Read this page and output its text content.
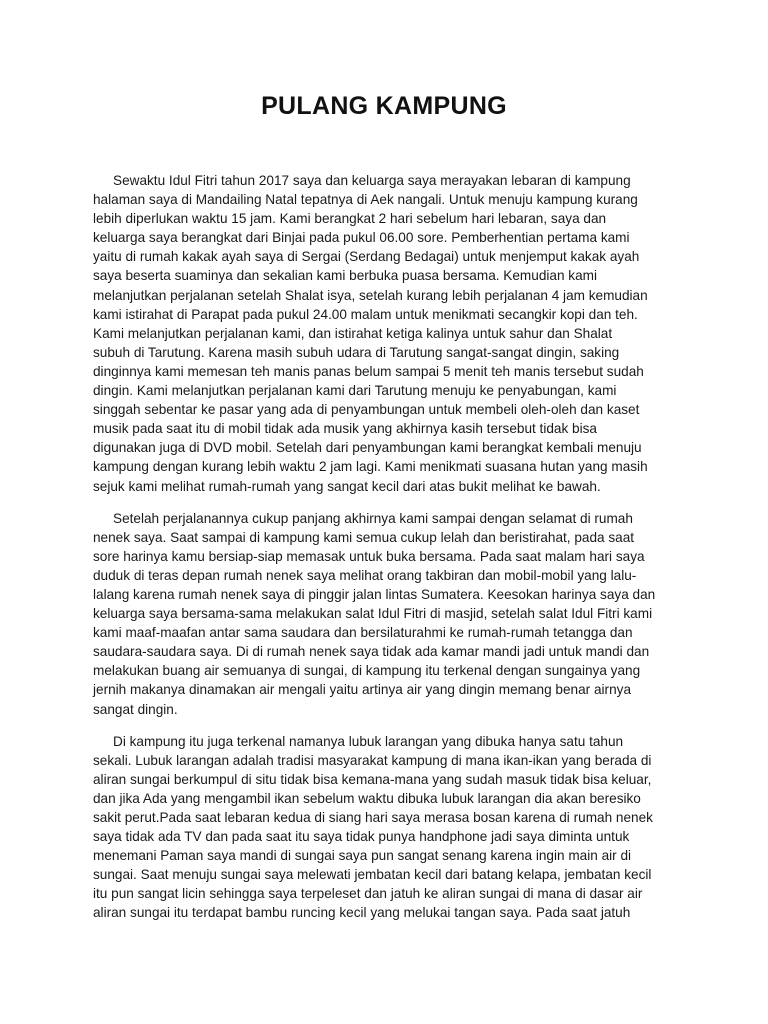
PULANG KAMPUNG
Sewaktu Idul Fitri tahun 2017 saya dan keluarga saya merayakan lebaran di kampung
halaman saya di Mandailing Natal tepatnya di Aek nangali. Untuk menuju kampung kurang
lebih diperlukan waktu 15 jam. Kami berangkat 2 hari sebelum hari lebaran, saya dan
keluarga saya berangkat dari Binjai pada pukul 06.00 sore. Pemberhentian pertama kami
yaitu di rumah kakak ayah saya di Sergai (Serdang Bedagai) untuk menjemput kakak ayah
saya beserta suaminya dan sekalian kami berbuka puasa bersama. Kemudian kami
melanjutkan perjalanan setelah Shalat isya, setelah kurang lebih perjalanan 4 jam kemudian
kami istirahat di Parapat pada pukul 24.00 malam untuk menikmati secangkir kopi dan teh.
Kami melanjutkan perjalanan kami, dan istirahat ketiga kalinya untuk sahur dan Shalat
subuh di Tarutung. Karena masih subuh udara di Tarutung sangat-sangat dingin, saking
dinginnya kami memesan teh manis panas belum sampai 5 menit teh manis tersebut sudah
dingin. Kami melanjutkan perjalanan kami dari Tarutung menuju ke penyabungan, kami
singgah sebentar ke pasar yang ada di penyambungan untuk membeli oleh-oleh dan kaset
musik pada saat itu di mobil tidak ada musik yang akhirnya kasih tersebut tidak bisa
digunakan juga di DVD mobil. Setelah dari penyambungan kami berangkat kembali menuju
kampung dengan kurang lebih waktu 2 jam lagi. Kami menikmati suasana hutan yang masih
sejuk kami melihat rumah-rumah yang sangat kecil dari atas bukit melihat ke bawah.
Setelah perjalanannya cukup panjang akhirnya kami sampai dengan selamat di rumah
nenek saya. Saat sampai di kampung kami semua cukup lelah dan beristirahat, pada saat
sore harinya kamu bersiap-siap memasak untuk buka bersama. Pada saat malam hari saya
duduk di teras depan rumah nenek saya melihat orang takbiran dan mobil-mobil yang lalu-
lalang karena rumah nenek saya di pinggir jalan lintas Sumatera. Keesokan harinya saya dan
keluarga saya bersama-sama melakukan salat Idul Fitri di masjid, setelah salat Idul Fitri kami
kami maaf-maafan antar sama saudara dan bersilaturahmi ke rumah-rumah tetangga dan
saudara-saudara saya. Di di rumah nenek saya tidak ada kamar mandi jadi untuk mandi dan
melakukan buang air semuanya di sungai, di kampung itu terkenal dengan sungainya yang
jernih makanya dinamakan air mengali yaitu artinya air yang dingin memang benar airnya
sangat dingin.
Di kampung itu juga terkenal namanya lubuk larangan yang dibuka hanya satu tahun
sekali. Lubuk larangan adalah tradisi masyarakat kampung di mana ikan-ikan yang berada di
aliran sungai berkumpul di situ tidak bisa kemana-mana yang sudah masuk tidak bisa keluar,
dan jika Ada yang mengambil ikan sebelum waktu dibuka lubuk larangan dia akan beresiko
sakit perut.Pada saat lebaran kedua di siang hari saya merasa bosan karena di rumah nenek
saya tidak ada TV dan pada saat itu saya tidak punya handphone jadi saya diminta untuk
menemani Paman saya mandi di sungai saya pun sangat senang karena ingin main air di
sungai. Saat menuju sungai saya melewati jembatan kecil dari batang kelapa, jembatan kecil
itu pun sangat licin sehingga saya terpeleset dan jatuh ke aliran sungai di mana di dasar air
aliran sungai itu terdapat bambu runcing kecil yang melukai tangan saya. Pada saat jatuh
